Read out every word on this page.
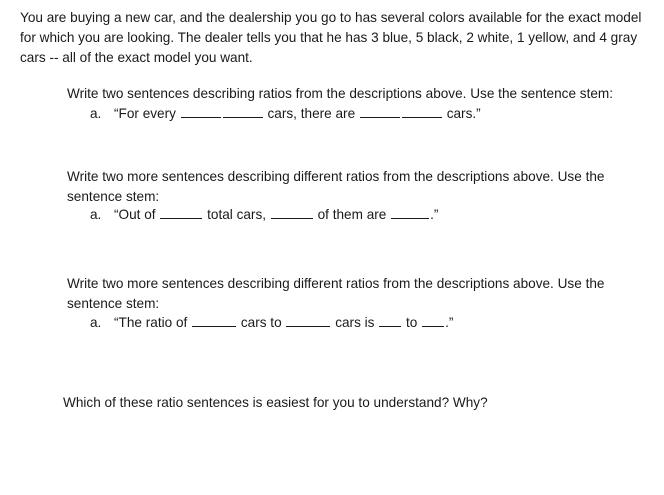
You are buying a new car, and the dealership you go to has several colors available for the exact model for which you are looking. The dealer tells you that he has 3 blue, 5 black, 2 white, 1 yellow, and 4 gray cars -- all of the exact model you want.

Write two sentences describing ratios from the descriptions above. Use the sentence stem:

a. “For every	cars, there are	cars.”

Write two more sentences describing different ratios from the descriptions above. Use the sentence stem:

a. “Out of	total cars,	of them are	.”

Write two more sentences describing different ratios from the descriptions above. Use the sentence stem:

a. “The ratio of	cars to	cars is  to .”

Which of these ratio sentences is easiest for you to understand? Why?
